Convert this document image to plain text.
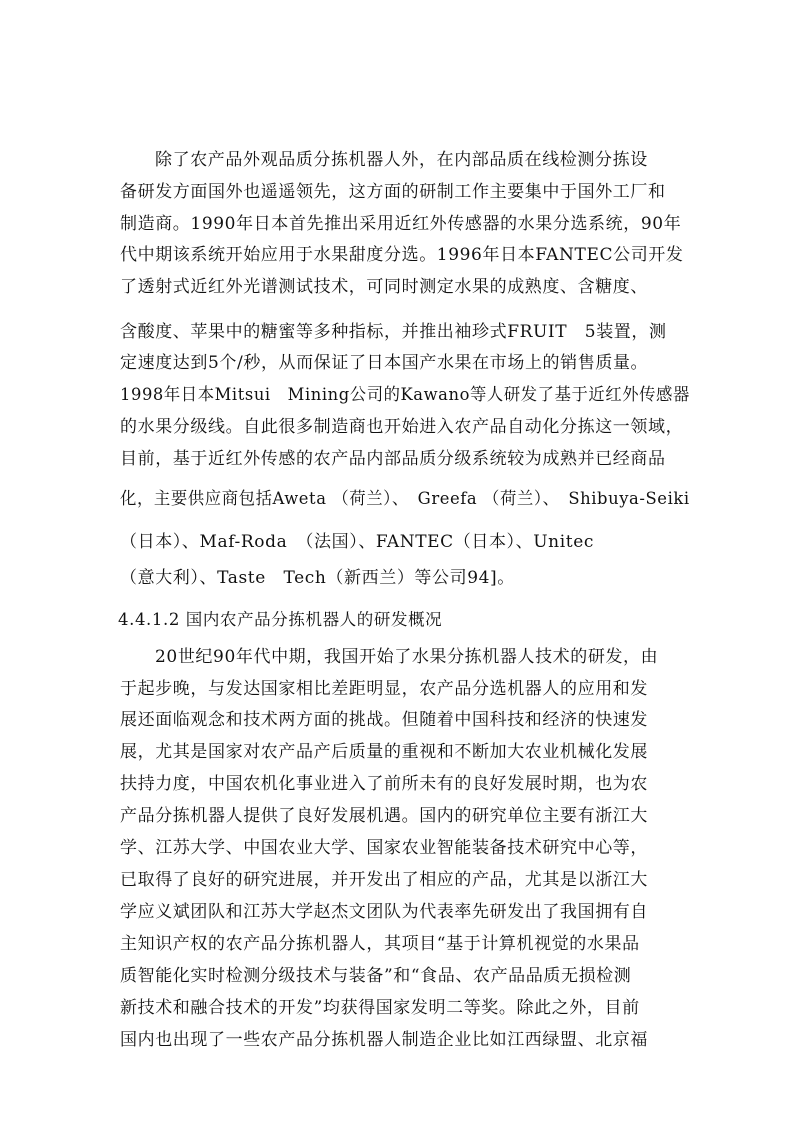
除了农产品外观品质分拣机器人外，在内部品质在线检测分拣设
备研发方面国外也遥遥领先，这方面的研制工作主要集中于国外工厂和
制造商。1990年日本首先推出采用近红外传感器的水果分选系统，90年
代中期该系统开始应用于水果甜度分选。1996年日本FANTEC公司开发
了透射式近红外光谱测试技术，可同时测定水果的成熟度、含糖度、
含酸度、苹果中的糖蜜等多种指标，并推出袖珍式FRUIT　5装置，测
定速度达到5个/秒，从而保证了日本国产水果在市场上的销售质量。
1998年日本Mitsui　Mining公司的Kawano等人研发了基于近红外传感器
的水果分级线。自此很多制造商也开始进入农产品自动化分拣这一领域，
目前，基于近红外传感的农产品内部品质分级系统较为成熟并已经商品
化，主要供应商包括Aweta （荷兰）、　Greefa （荷兰）、　Shibuya-Seiki
（日本）、Maf-Roda　（法国）、FANTEC（日本）、Unitec
（意大利）、Taste　Tech（新西兰）等公司94]。
4.4.1.2 国内农产品分拣机器人的研发概况
20世纪90年代中期，我国开始了水果分拣机器人技术的研发，由
于起步晚，与发达国家相比差距明显，农产品分选机器人的应用和发
展还面临观念和技术两方面的挑战。但随着中国科技和经济的快速发
展，尤其是国家对农产品产后质量的重视和不断加大农业机械化发展
扶持力度，中国农机化事业进入了前所未有的良好发展时期，也为农
产品分拣机器人提供了良好发展机遇。国内的研究单位主要有浙江大
学、江苏大学、中国农业大学、国家农业智能装备技术研究中心等，
已取得了良好的研究进展，并开发出了相应的产品，尤其是以浙江大
学应义斌团队和江苏大学赵杰文团队为代表率先研发出了我国拥有自
主知识产权的农产品分拣机器人，其项目“基于计算机视觉的水果品
质智能化实时检测分级技术与装备”和“食品、农产品品质无损检测
新技术和融合技术的开发”均获得国家发明二等奖。除此之外，目前
国内也出现了一些农产品分拣机器人制造企业比如江西绿盟、北京福
